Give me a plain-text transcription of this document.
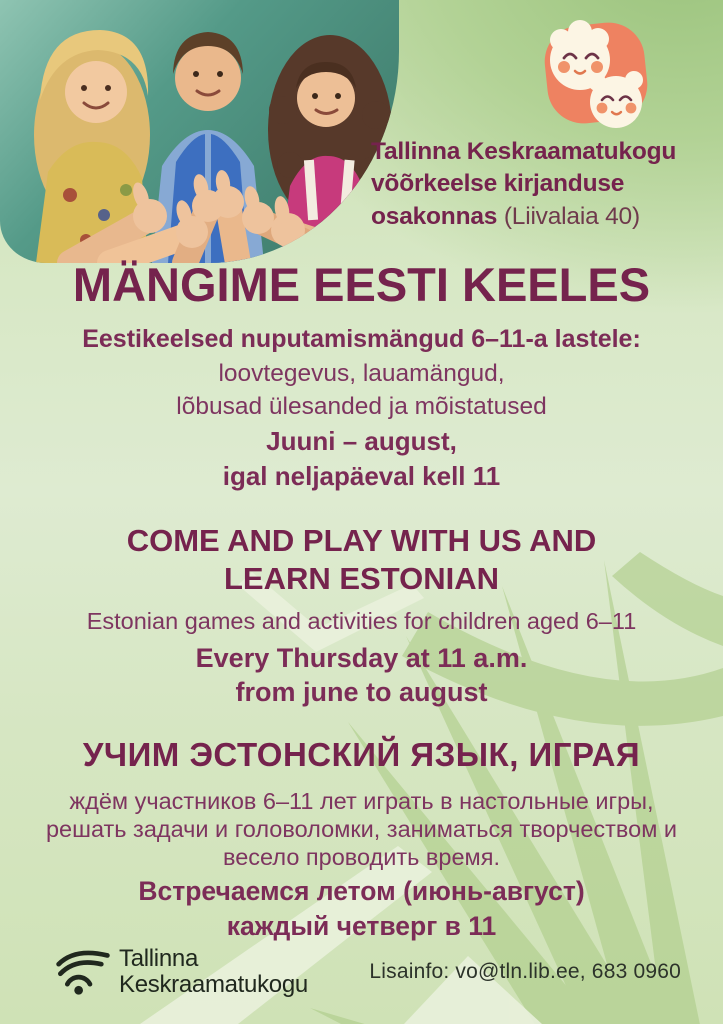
Tallinna Keskraamatukogu
võõrkeelse kirjanduse
osakonnas (Liivalaia 40)
MÄNGIME EESTI KEELES
Eestikeelsed nuputamismängud 6–11-a lastele:
loovtegevus, lauamängud,
lõbusad ülesanded ja mõistatused
Juuni – august,
igal neljapäeval kell 11
COME AND PLAY WITH US AND
LEARN ESTONIAN
Estonian games and activities for children aged 6–11
Every Thursday at 11 a.m.
from june to august
УЧИМ ЭСТОНСКИЙ ЯЗЫК, ИГРАЯ
ждём участников 6–11 лет играть в настольные игры,
решать задачи и головоломки, заниматься творчеством и
весело проводить время.
Встречаемся летом (июнь-август)
каждый четверг в 11
Tallinna
Keskraamatukogu	Lisainfo: vo@tln.lib.ee, 683 0960
